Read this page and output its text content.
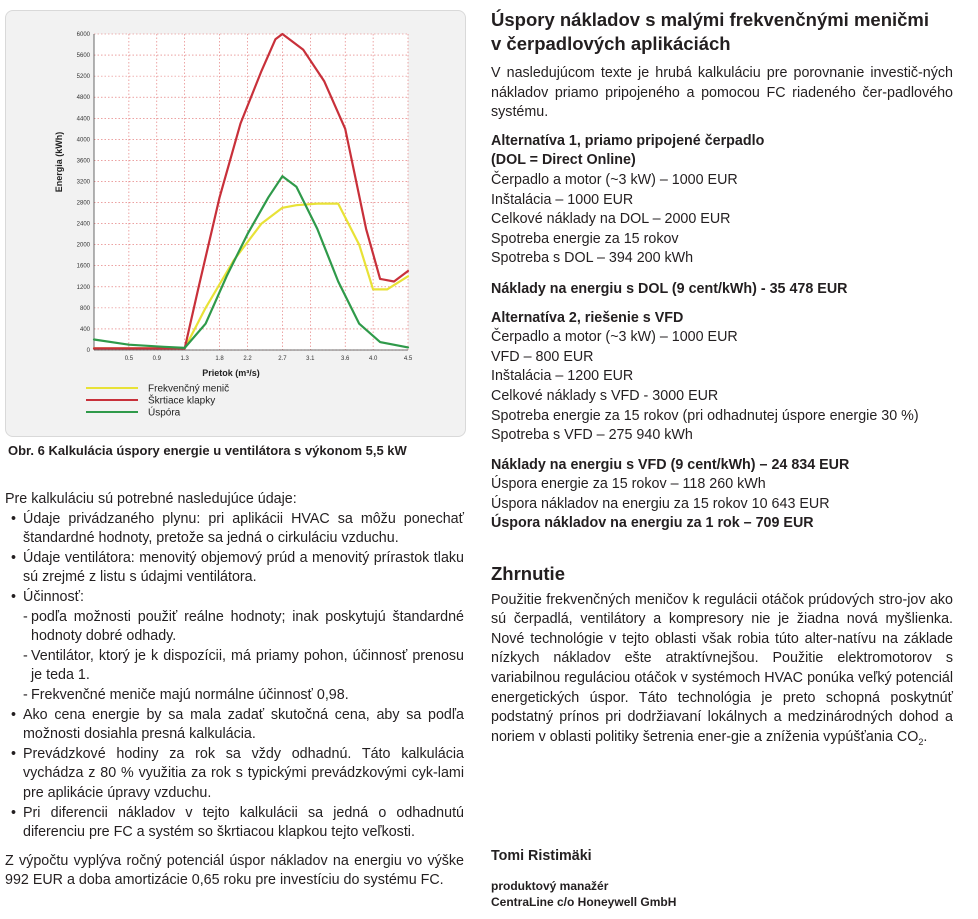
0
400
800
1200
1600
2000
2400
2800
3200
3600
4000
4400
4800
5200
5600
6000
0.5	0.9	1.3	1.8	2.2	2.7	3.1	3.6	4.0	4.5
Prietok (m³/s)
Energia (kWh)
Frekvenčný menič
Škrtiace klapky
Úspóra
Obr. 6 Kalkulácia úspory energie u ventilátora s výkonom 5,5 kW

Pre kalkuláciu sú potrebné nasledujúce údaje:

• Údaje privádzaného plynu: pri aplikácii HVAC sa môžu ponechať štandardné hodnoty, pretože sa jedná o cirkuláciu vzduchu.

• Údaje ventilátora: menovitý objemový prúd a menovitý prírastok tlaku sú zrejmé z listu s údajmi ventilátora.

• Účinnosť:

- podľa možnosti použiť reálne hodnoty; inak poskytujú štandardné hodnoty dobré odhady.

- Ventilátor, ktorý je k dispozícii, má priamy pohon, účinnosť prenosu je teda 1.

- Frekvenčné meniče majú normálne účinnosť 0,98.

• Ako cena energie by sa mala zadať skutočná cena, aby sa podľa možnosti dosiahla presná kalkulácia.

• Prevádzkové hodiny za rok sa vždy odhadnú. Táto kalkulácia vychádza z 80 % využitia za rok s typickými prevádzkovými cyk-lami pre aplikácie úpravy vzduchu.

• Pri diferencii nákladov v tejto kalkulácii sa jedná o odhadnutú diferenciu pre FC a systém so škrtiacou klapkou tejto veľkosti.

Z výpočtu vyplýva ročný potenciál úspor nákladov na energiu vo výške 992 EUR a doba amortizácie 0,65 roku pre investíciu do systému FC.

Úspory nákladov s malými frekvenčnými meničmi
v čerpadlových aplikáciách

V nasledujúcom texte je hrubá kalkuláciu pre porovnanie investič-ných nákladov priamo pripojeného a pomocou FC riadeného čer-padlového systému.

Alternatíva 1, priamo pripojené čerpadlo
(DOL = Direct Online)
Čerpadlo a motor (~3 kW) – 1000 EUR
Inštalácia – 1000 EUR
Celkové náklady na DOL – 2000 EUR
Spotreba energie za 15 rokov
Spotreba s DOL – 394 200 kWh
Náklady na energiu s DOL (9 cent/kWh) - 35 478 EUR
Alternatíva 2, riešenie s VFD
Čerpadlo a motor (~3 kW) – 1000 EUR
VFD – 800 EUR
Inštalácia – 1200 EUR
Celkové náklady s VFD - 3000 EUR
Spotreba energie za 15 rokov (pri odhadnutej úspore energie 30 %)
Spotreba s VFD – 275 940 kWh
Náklady na energiu s VFD (9 cent/kWh) – 24 834 EUR
Úspora energie za 15 rokov – 118 260 kWh
Úspora nákladov na energiu za 15 rokov 10 643 EUR
Úspora nákladov na energiu za 1 rok – 709 EUR
Zhrnutie

Použitie frekvenčných meničov k regulácii otáčok prúdových stro-jov ako sú čerpadlá, ventilátory a kompresory nie je žiadna nová myšlienka. Nové technológie v tejto oblasti však robia túto alter-natívu na základe nízkych nákladov ešte atraktívnejšou. Použitie elektromotorov s variabilnou reguláciou otáčok v systémoch HVAC ponúka veľký potenciál energetických úspor. Táto technológia je preto schopná poskytnúť podstatný prínos pri dodržiavaní lokálnych a medzinárodných dohod a noriem v oblasti politiky šetrenia ener-gie a zníženia vypúšťania $CO_2$.

Tomi Ristimäki
produktový manažér
CentraLine c/o Honeywell GmbH
